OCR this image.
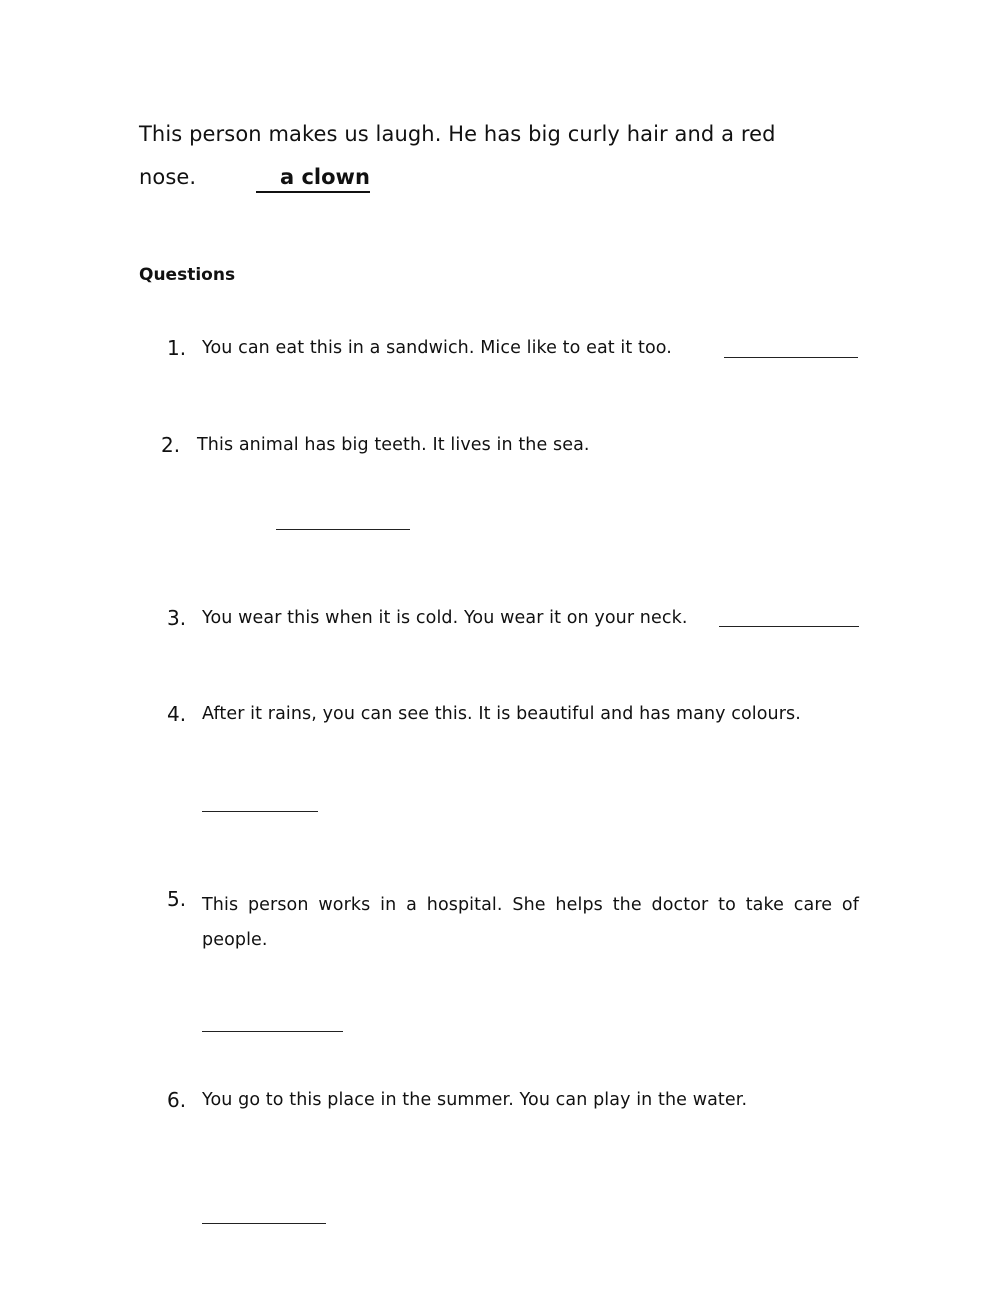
This person makes us laugh. He has big curly hair and a red
nose.	a clown
Questions
1. You can eat this in a sandwich. Mice like to eat it too.
2. This animal has big teeth. It lives in the sea.
3. You wear this when it is cold. You wear it on your neck.
4. After it rains, you can see this. It is beautiful and has many colours.
5. This person works in a hospital. She helps the doctor to take care of people.
6. You go to this place in the summer. You can play in the water.
